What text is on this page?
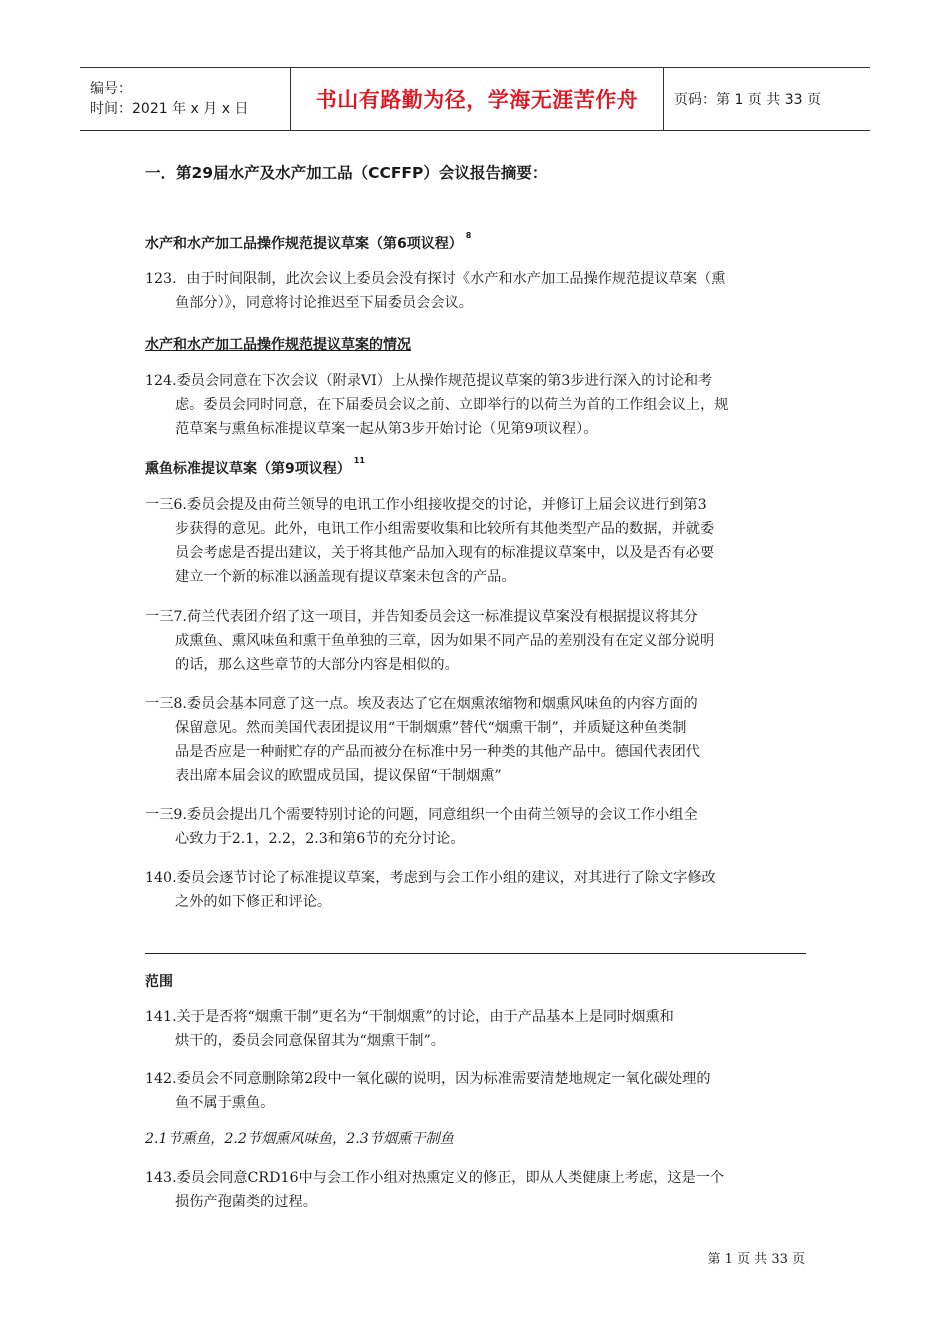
编号：
时间：2021 年 x 月 x 日	书山有路勤为径，学海无涯苦作舟	页码：第 1 页 共 33 页
一．第29届水产及水产加工品（CCFFP）会议报告摘要：
水产和水产加工品操作规范提议草案（第6项议程）$^8$
123．由于时间限制，此次会议上委员会没有探讨《水产和水产加工品操作规范提议草案（熏
鱼部分）》，同意将讨论推迟至下届委员会会议。
水产和水产加工品操作规范提议草案的情况
124.委员会同意在下次会议（附录VI）上从操作规范提议草案的第3步进行深入的讨论和考
虑。委员会同时同意，在下届委员会议之前、立即举行的以荷兰为首的工作组会议上，规
范草案与熏鱼标准提议草案一起从第3步开始讨论（见第9项议程）。
熏鱼标准提议草案（第9项议程）$^{11}$
一三6.委员会提及由荷兰领导的电讯工作小组接收提交的讨论，并修订上届会议进行到第3
步获得的意见。此外，电讯工作小组需要收集和比较所有其他类型产品的数据，并就委
员会考虑是否提出建议，关于将其他产品加入现有的标准提议草案中，以及是否有必要
建立一个新的标准以涵盖现有提议草案未包含的产品。
一三7.荷兰代表团介绍了这一项目，并告知委员会这一标准提议草案没有根据提议将其分
成熏鱼、熏风味鱼和熏干鱼单独的三章，因为如果不同产品的差别没有在定义部分说明
的话，那么这些章节的大部分内容是相似的。
一三8.委员会基本同意了这一点。埃及表达了它在烟熏浓缩物和烟熏风味鱼的内容方面的
保留意见。然而美国代表团提议用“干制烟熏”替代“烟熏干制”，并质疑这种鱼类制
品是否应是一种耐贮存的产品而被分在标准中另一种类的其他产品中。德国代表团代
表出席本届会议的欧盟成员国，提议保留“干制烟熏”
一三9.委员会提出几个需要特别讨论的问题，同意组织一个由荷兰领导的会议工作小组全
心致力于2.1，2.2，2.3和第6节的充分讨论。
140.委员会逐节讨论了标准提议草案，考虑到与会工作小组的建议，对其进行了除文字修改
之外的如下修正和评论。
范围
141.关于是否将“烟熏干制”更名为“干制烟熏”的讨论，由于产品基本上是同时烟熏和
烘干的，委员会同意保留其为“烟熏干制”。
142.委员会不同意删除第2段中一氧化碳的说明，因为标准需要清楚地规定一氧化碳处理的
鱼不属于熏鱼。
2.1节熏鱼，2.2节烟熏风味鱼，2.3节烟熏干制鱼
143.委员会同意CRD16中与会工作小组对热熏定义的修正，即从人类健康上考虑，这是一个
损伤产孢菌类的过程。
第 1 页 共 33 页
